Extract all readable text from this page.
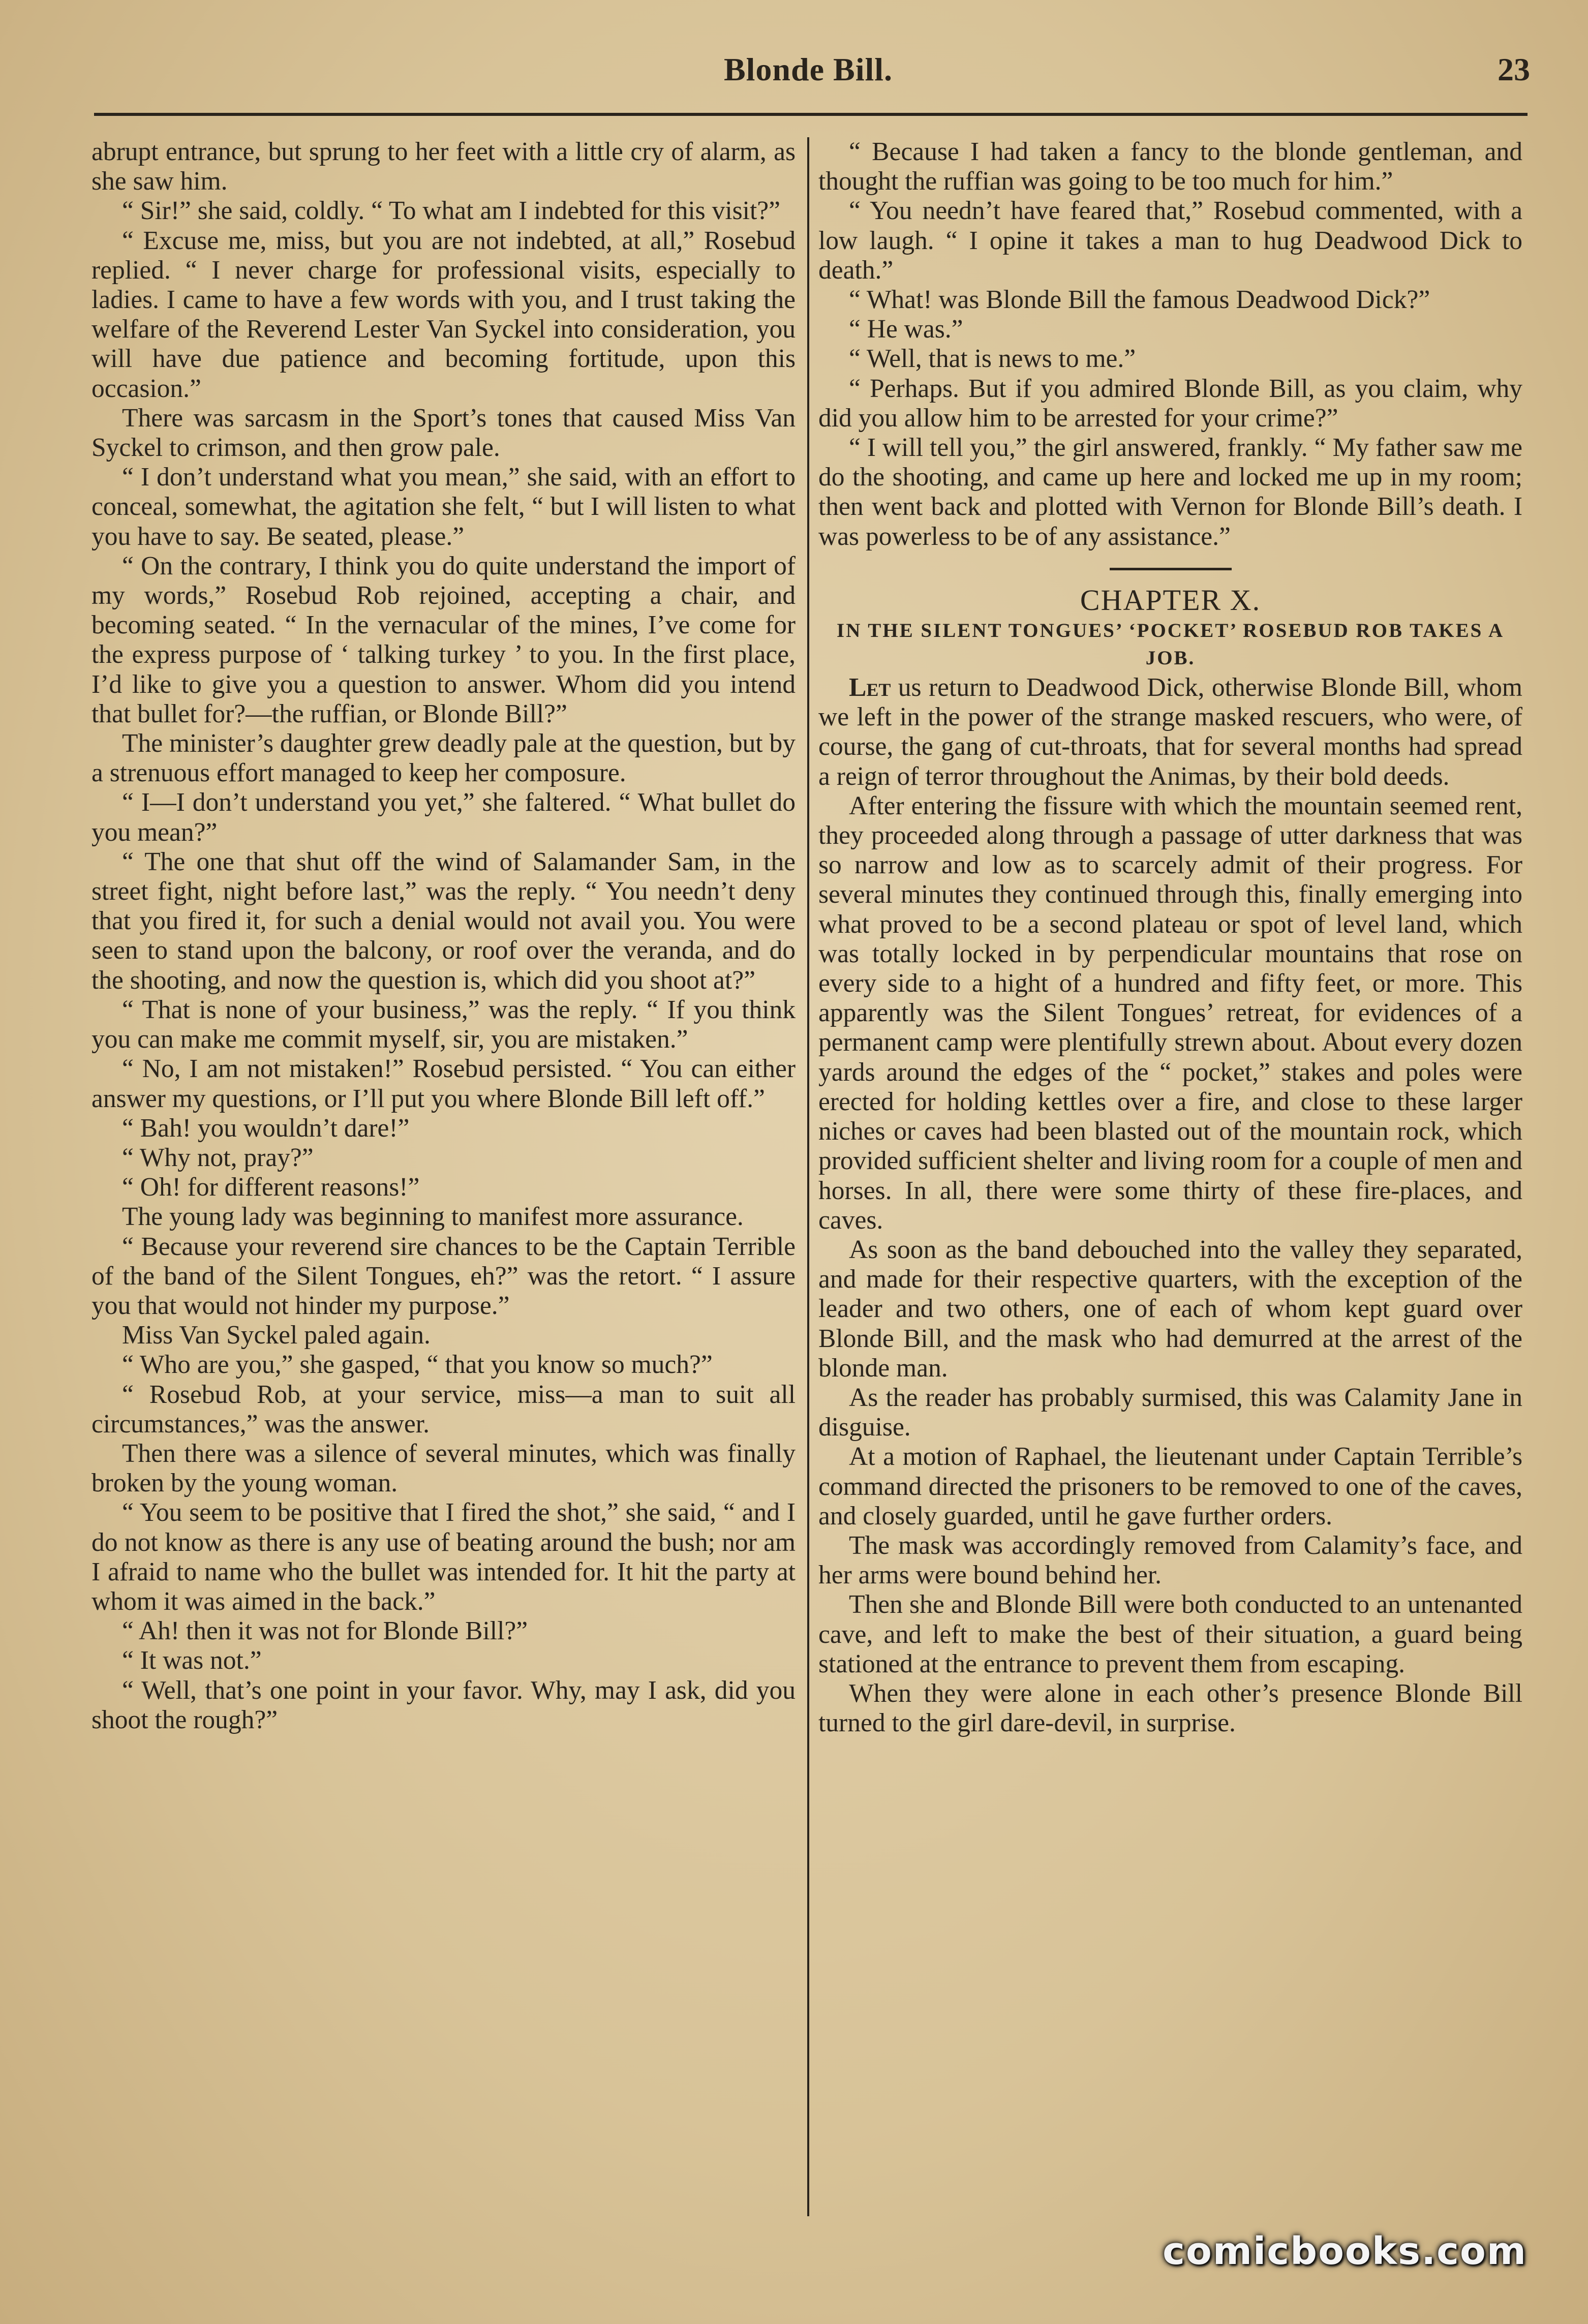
Blonde Bill.	23

abrupt entrance, but sprung to her feet with a little cry of alarm, as she saw him.

“ Sir!” she said, coldly. “ To what am I indebted for this visit?”

“ Excuse me, miss, but you are not indebted, at all,” Rosebud replied. “ I never charge for professional visits, especially to ladies. I came to have a few words with you, and I trust taking the welfare of the Reverend Lester Van Syckel into consideration, you will have due patience and becoming fortitude, upon this occasion.”

There was sarcasm in the Sport’s tones that caused Miss Van Syckel to crimson, and then grow pale.

“ I don’t understand what you mean,” she said, with an effort to conceal, somewhat, the agitation she felt, “ but I will listen to what you have to say. Be seated, please.”

“ On the contrary, I think you do quite understand the import of my words,” Rosebud Rob rejoined, accepting a chair, and becoming seated. “ In the vernacular of the mines, I’ve come for the express purpose of ‘ talking turkey ’ to you. In the first place, I’d like to give you a question to answer. Whom did you intend that bullet for?—the ruffian, or Blonde Bill?”

The minister’s daughter grew deadly pale at the question, but by a strenuous effort managed to keep her composure.

“ I—I don’t understand you yet,” she faltered. “ What bullet do you mean?”

“ The one that shut off the wind of Salamander Sam, in the street fight, night before last,” was the reply. “ You needn’t deny that you fired it, for such a denial would not avail you. You were seen to stand upon the balcony, or roof over the veranda, and do the shooting, and now the question is, which did you shoot at?”

“ That is none of your business,” was the reply. “ If you think you can make me commit myself, sir, you are mistaken.”

“ No, I am not mistaken!” Rosebud persisted. “ You can either answer my questions, or I’ll put you where Blonde Bill left off.”

“ Bah! you wouldn’t dare!”

“ Why not, pray?”

“ Oh! for different reasons!”

The young lady was beginning to manifest more assurance.

“ Because your reverend sire chances to be the Captain Terrible of the band of the Silent Tongues, eh?” was the retort. “ I assure you that would not hinder my purpose.”

Miss Van Syckel paled again.

“ Who are you,” she gasped, “ that you know so much?”

“ Rosebud Rob, at your service, miss—a man to suit all circumstances,” was the answer.

Then there was a silence of several minutes, which was finally broken by the young woman.

“ You seem to be positive that I fired the shot,” she said, “ and I do not know as there is any use of beating around the bush; nor am I afraid to name who the bullet was intended for. It hit the party at whom it was aimed in the back.”

“ Ah! then it was not for Blonde Bill?”

“ It was not.”

“ Well, that’s one point in your favor. Why, may I ask, did you shoot the rough?”

“ Because I had taken a fancy to the blonde gentleman, and thought the ruffian was going to be too much for him.”

“ You needn’t have feared that,” Rosebud commented, with a low laugh. “ I opine it takes a man to hug Deadwood Dick to death.”

“ What! was Blonde Bill the famous Deadwood Dick?”

“ He was.”

“ Well, that is news to me.”

“ Perhaps. But if you admired Blonde Bill, as you claim, why did you allow him to be arrested for your crime?”

“ I will tell you,” the girl answered, frankly. “ My father saw me do the shooting, and came up here and locked me up in my room; then went back and plotted with Vernon for Blonde Bill’s death. I was powerless to be of any assistance.”

CHAPTER X.
IN THE SILENT TONGUES’ ‘POCKET’ ROSEBUD ROB TAKES A JOB.

Let us return to Deadwood Dick, otherwise Blonde Bill, whom we left in the power of the strange masked rescuers, who were, of course, the gang of cut-throats, that for several months had spread a reign of terror throughout the Animas, by their bold deeds.

After entering the fissure with which the mountain seemed rent, they proceeded along through a passage of utter darkness that was so narrow and low as to scarcely admit of their progress. For several minutes they continued through this, finally emerging into what proved to be a second plateau or spot of level land, which was totally locked in by perpendicular mountains that rose on every side to a hight of a hundred and fifty feet, or more. This apparently was the Silent Tongues’ retreat, for evidences of a permanent camp were plentifully strewn about. About every dozen yards around the edges of the “ pocket,” stakes and poles were erected for holding kettles over a fire, and close to these larger niches or caves had been blasted out of the mountain rock, which provided sufficient shelter and living room for a couple of men and horses. In all, there were some thirty of these fire-places, and caves.

As soon as the band debouched into the valley they separated, and made for their respective quarters, with the exception of the leader and two others, one of each of whom kept guard over Blonde Bill, and the mask who had demurred at the arrest of the blonde man.

As the reader has probably surmised, this was Calamity Jane in disguise.

At a motion of Raphael, the lieutenant under Captain Terrible’s command directed the prisoners to be removed to one of the caves, and closely guarded, until he gave further orders.

The mask was accordingly removed from Calamity’s face, and her arms were bound behind her.

Then she and Blonde Bill were both conducted to an untenanted cave, and left to make the best of their situation, a guard being stationed at the entrance to prevent them from escaping.

When they were alone in each other’s presence Blonde Bill turned to the girl dare-devil, in surprise.

comicbooks.com
